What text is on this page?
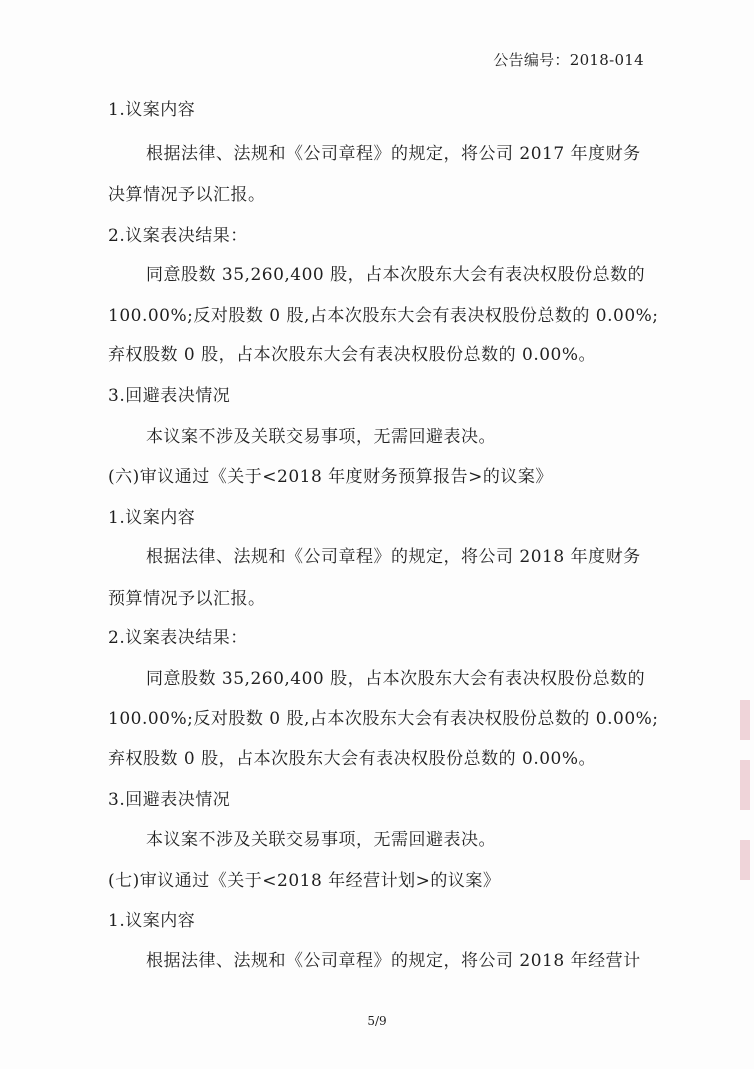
公告编号：2018-014
1.议案内容
根据法律、法规和《公司章程》的规定，将公司 2017 年度财务
决算情况予以汇报。
2.议案表决结果：
同意股数 35,260,400 股，占本次股东大会有表决权股份总数的
100.00%;反对股数 0 股,占本次股东大会有表决权股份总数的 0.00%;
弃权股数 0 股，占本次股东大会有表决权股份总数的 0.00%。
3.回避表决情况
本议案不涉及关联交易事项，无需回避表决。
(六)审议通过《关于<2018 年度财务预算报告>的议案》
1.议案内容
根据法律、法规和《公司章程》的规定，将公司 2018 年度财务
预算情况予以汇报。
2.议案表决结果：
同意股数 35,260,400 股，占本次股东大会有表决权股份总数的
100.00%;反对股数 0 股,占本次股东大会有表决权股份总数的 0.00%;
弃权股数 0 股，占本次股东大会有表决权股份总数的 0.00%。
3.回避表决情况
本议案不涉及关联交易事项，无需回避表决。
(七)审议通过《关于<2018 年经营计划>的议案》
1.议案内容
根据法律、法规和《公司章程》的规定，将公司 2018 年经营计
5/9
